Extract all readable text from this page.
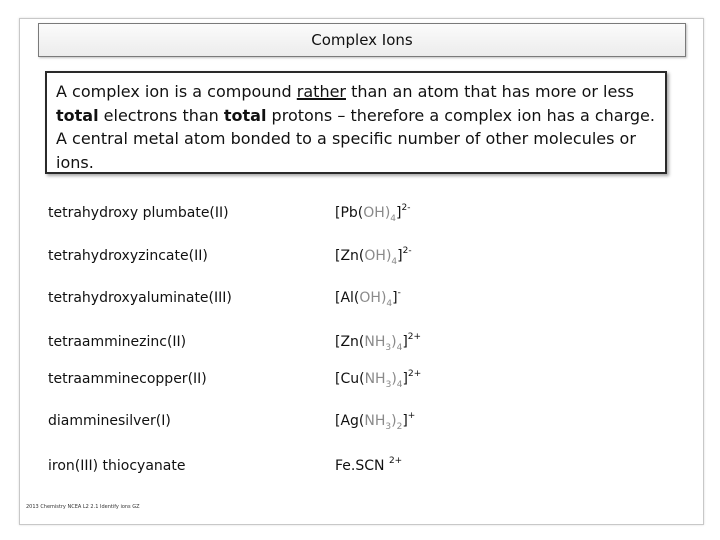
Complex Ions
A complex ion is a compound rather than an atom that has more or less total electrons than total protons – therefore a complex ion has a charge. A central metal atom bonded to a specific number of other molecules or ions.
tetrahydroxy plumbate(II)	$[Pb(OH)_4]^{2-}$
tetrahydroxyzincate(II)	$[Zn(OH)_4]^{2-}$
tetrahydroxyaluminate(III)	$[Al(OH)_4]^-$
tetraamminezinc(II)	$[Zn(NH_3)_4]^{2+}$
tetraamminecopper(II)	$[Cu(NH_3)_4]^{2+}$
diamminesilver(I)	$[Ag(NH_3)_2]^+$
iron(III) thiocyanate	Fe.SCN $^{2+}$
2013 Chemistry NCEA L2 2.1 Identify ions GZ
